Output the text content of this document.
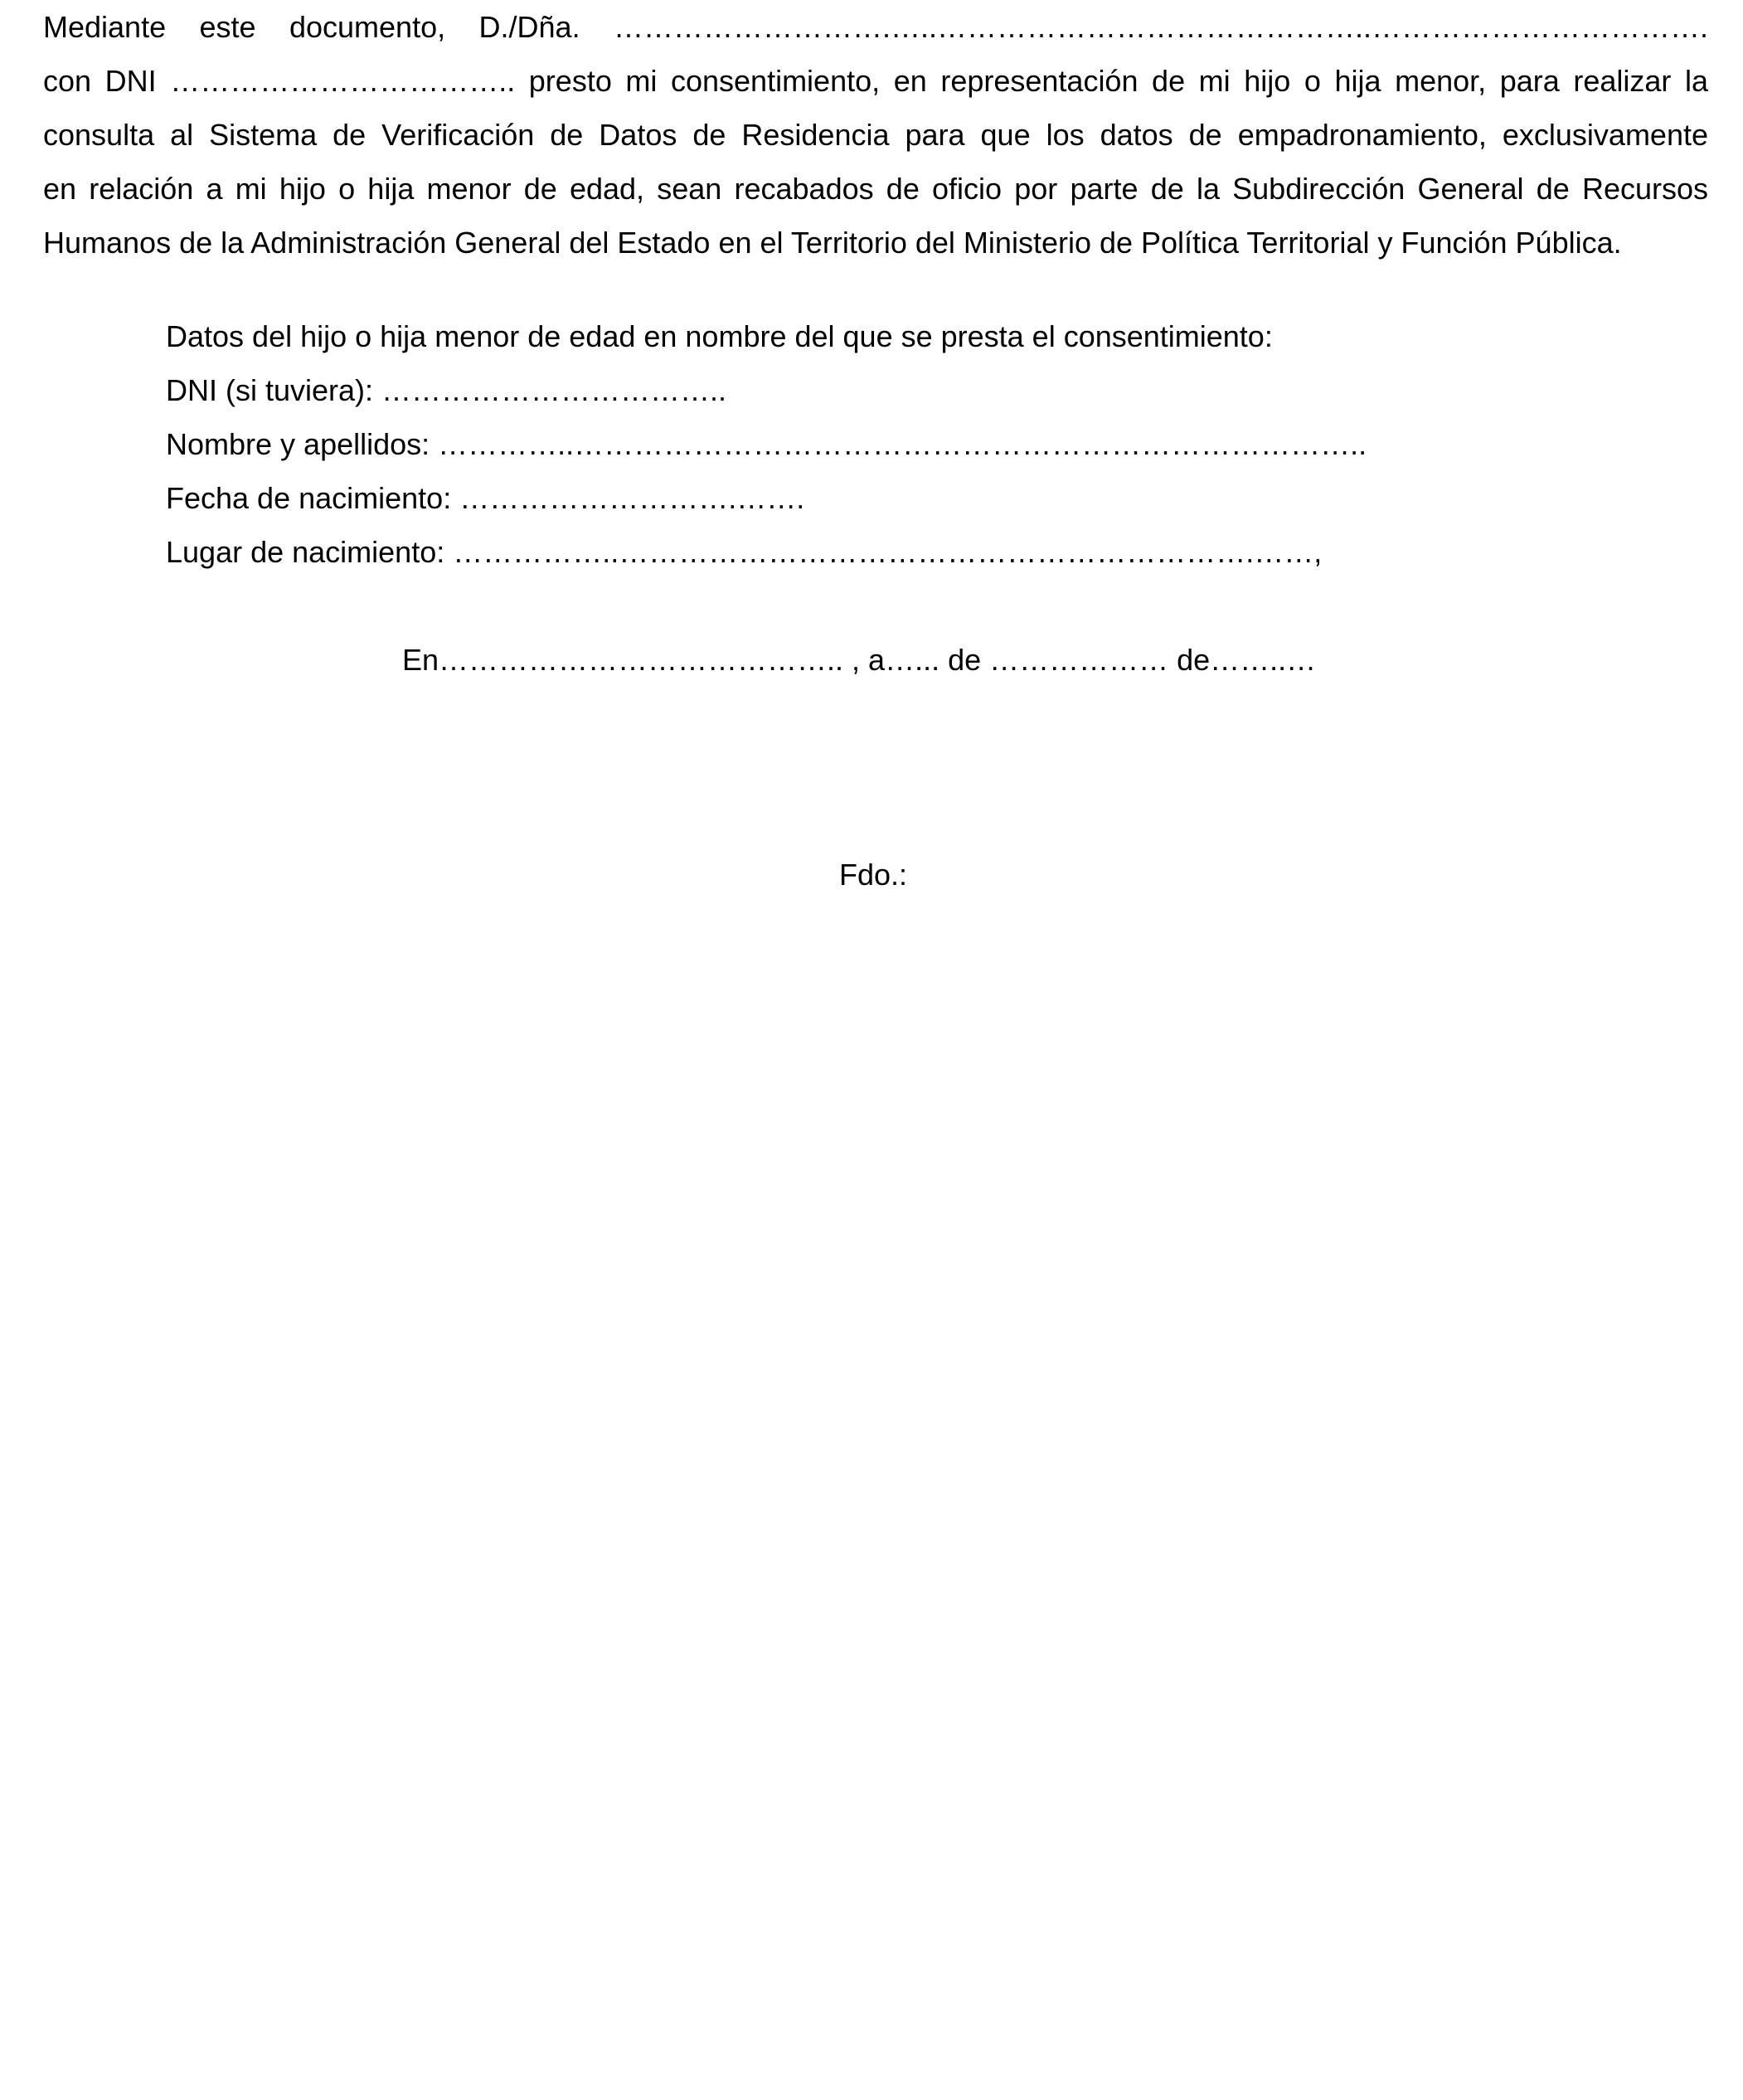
Mediante este documento, D./Dña. ……………………….…..……………………………………..…………………………….
con DNI …………………………….. presto mi consentimiento, en representación de mi hijo o hija menor, para realizar la
consulta al Sistema de Verificación de Datos de Residencia para que los datos de empadronamiento, exclusivamente
en relación a mi hijo o hija menor de edad, sean recabados de oficio por parte de la Subdirección General de Recursos
Humanos de la Administración General del Estado en el Territorio del Ministerio de Política Territorial y Función Pública.
Datos del hijo o hija menor de edad en nombre del que se presta el consentimiento:
DNI (si tuviera): ……………………………..
Nombre y apellidos: …………..……………………………………………………………………..
Fecha de nacimiento: ……………………….…….
Lugar de nacimiento: ……………..……………………………………………………….……,
En………………………………….. , a…... de ……………… de……..…
Fdo.:
